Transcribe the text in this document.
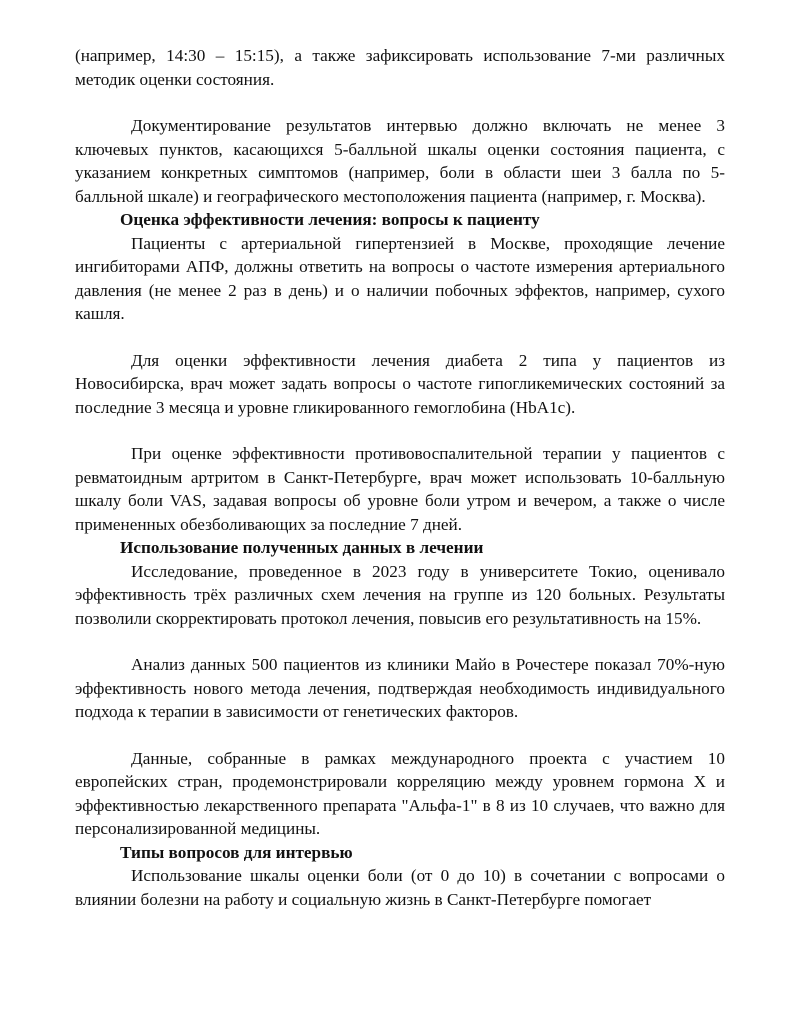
(например, 14:30 – 15:15), а также зафиксировать использование 7-ми различных методик оценки состояния.

Документирование результатов интервью должно включать не менее 3 ключевых пунктов, касающихся 5-балльной шкалы оценки состояния пациента, с указанием конкретных симптомов (например, боли в области шеи 3 балла по 5-балльной шкале) и географического местоположения пациента (например, г. Москва).

Оценка эффективности лечения: вопросы к пациенту

Пациенты с артериальной гипертензией в Москве, проходящие лечение ингибиторами АПФ, должны ответить на вопросы о частоте измерения артериального давления (не менее 2 раз в день) и о наличии побочных эффектов, например, сухого кашля.

Для оценки эффективности лечения диабета 2 типа у пациентов из Новосибирска, врач может задать вопросы о частоте гипогликемических состояний за последние 3 месяца и уровне гликированного гемоглобина (HbA1c).

При оценке эффективности противовоспалительной терапии у пациентов с ревматоидным артритом в Санкт-Петербурге, врач может использовать 10-балльную шкалу боли VAS, задавая вопросы об уровне боли утром и вечером, а также о числе примененных обезболивающих за последние 7 дней.

Использование полученных данных в лечении

Исследование, проведенное в 2023 году в университете Токио, оценивало эффективность трёх различных схем лечения на группе из 120 больных. Результаты позволили скорректировать протокол лечения, повысив его результативность на 15%.

Анализ данных 500 пациентов из клиники Майо в Рочестере показал 70%-ную эффективность нового метода лечения, подтверждая необходимость индивидуального подхода к терапии в зависимости от генетических факторов.

Данные, собранные в рамках международного проекта с участием 10 европейских стран, продемонстрировали корреляцию между уровнем гормона X и эффективностью лекарственного препарата "Альфа-1" в 8 из 10 случаев, что важно для персонализированной медицины.

Типы вопросов для интервью

Использование шкалы оценки боли (от 0 до 10) в сочетании с вопросами о влиянии болезни на работу и социальную жизнь в Санкт-Петербурге помогает
